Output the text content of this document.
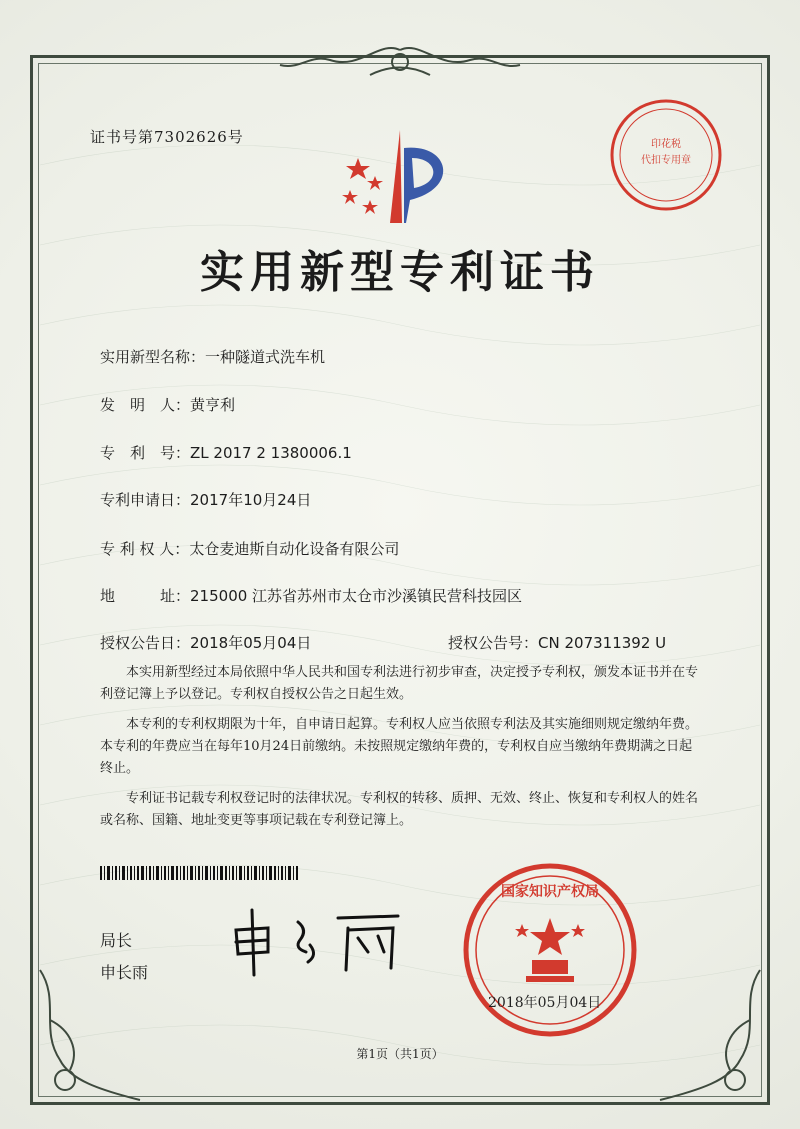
证书号第7302626号
实用新型专利证书
实用新型名称：一种隧道式洗车机
发　明　人：黄亨利
专　利　号：ZL 2017 2 1380006.1
专利申请日：2017年10月24日
专 利 权 人：太仓麦迪斯自动化设备有限公司
地　　　址：215000 江苏省苏州市太仓市沙溪镇民营科技园区
授权公告日：2018年05月04日	授权公告号：CN 207311392 U
本实用新型经过本局依照中华人民共和国专利法进行初步审查，决定授予专利权，颁发本证书并在专利登记簿上予以登记。专利权自授权公告之日起生效。
本专利的专利权期限为十年，自申请日起算。专利权人应当依照专利法及其实施细则规定缴纳年费。本专利的年费应当在每年10月24日前缴纳。未按照规定缴纳年费的，专利权自应当缴纳年费期满之日起终止。
专利证书记载专利权登记时的法律状况。专利权的转移、质押、无效、终止、恢复和专利权人的姓名或名称、国籍、地址变更等事项记载在专利登记簿上。
局长
申长雨
印花税
代扣专用章
国家知识产权局
2018年05月04日
第1页（共1页）
